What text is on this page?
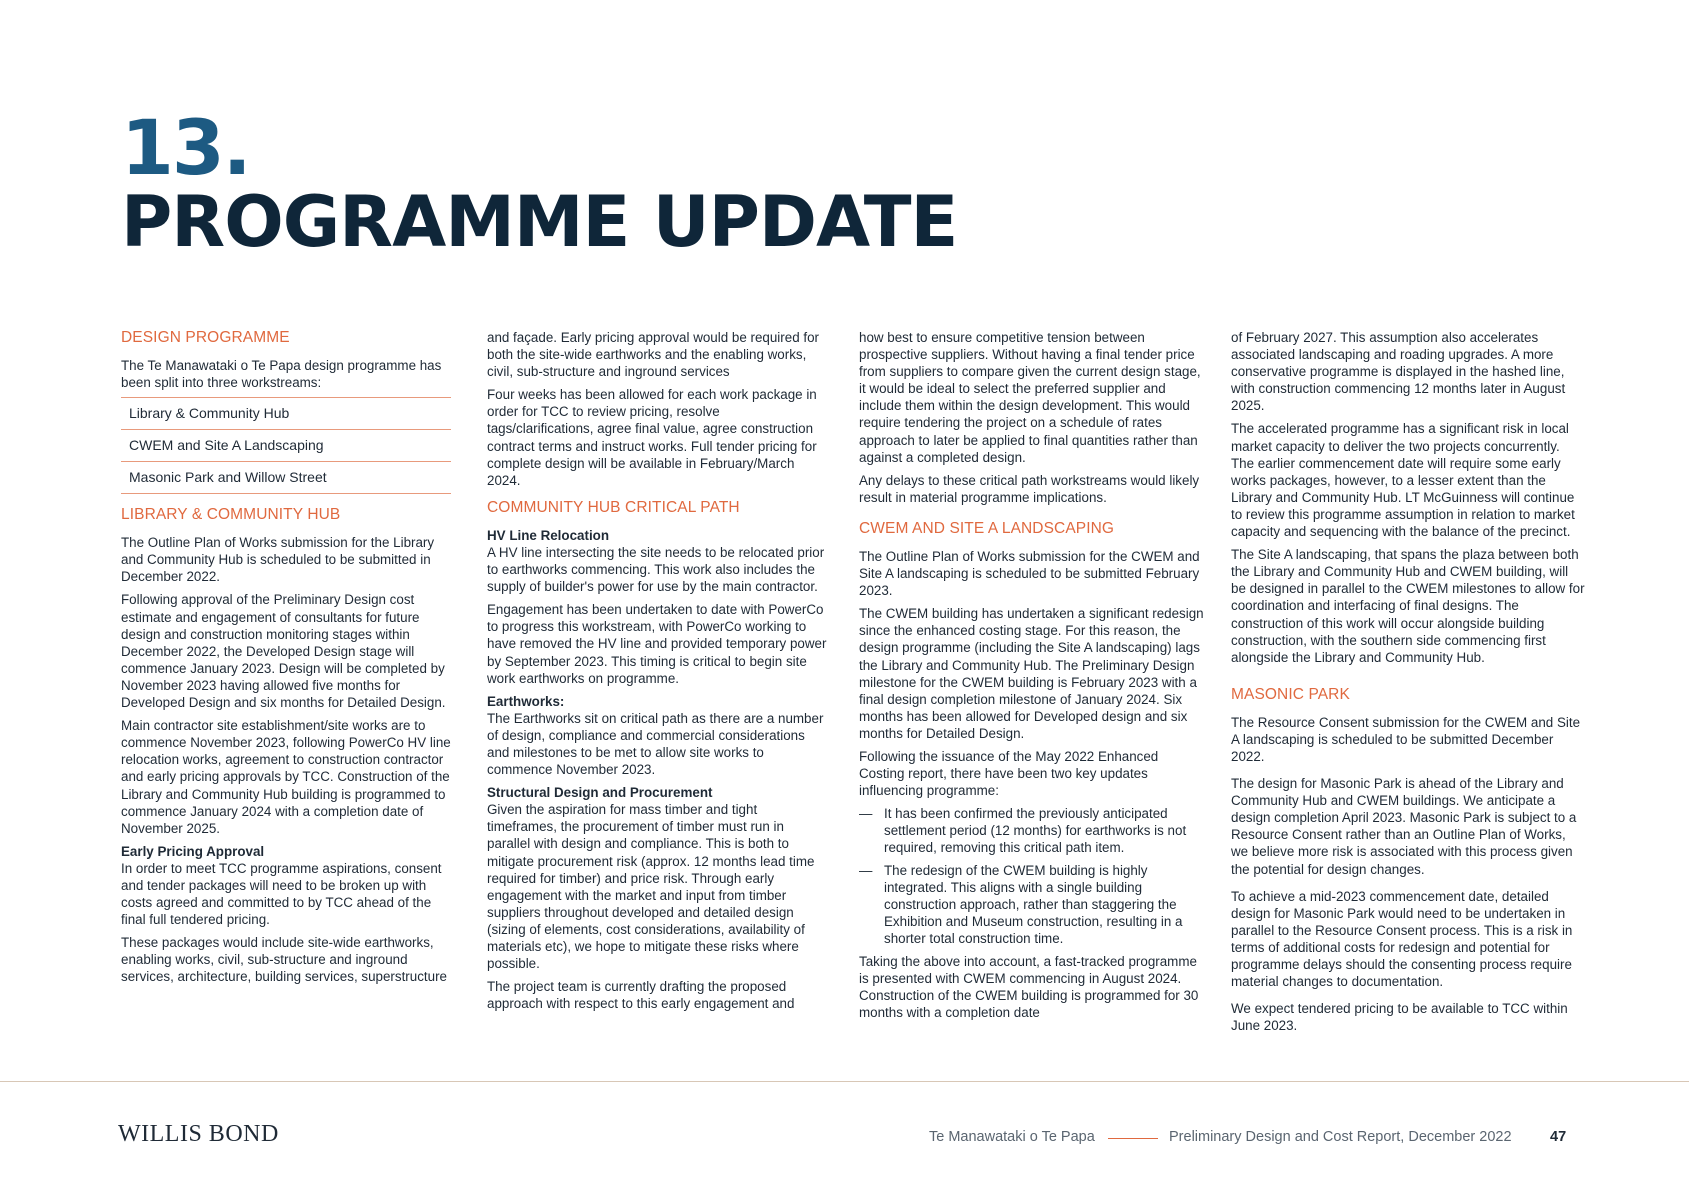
13.
PROGRAMME UPDATE
DESIGN PROGRAMME

The Te Manawataki o Te Papa design programme has been split into three workstreams:

Library & Community Hub
CWEM and Site A Landscaping
Masonic Park and Willow Street
LIBRARY & COMMUNITY HUB

The Outline Plan of Works submission for the Library and Community Hub is scheduled to be submitted in December 2022.

Following approval of the Preliminary Design cost estimate and engagement of consultants for future design and construction monitoring stages within December 2022, the Developed Design stage will commence January 2023. Design will be completed by November 2023 having allowed five months for Developed Design and six months for Detailed Design.

Main contractor site establishment/site works are to commence November 2023, following PowerCo HV line relocation works, agreement to construction contractor and early pricing approvals by TCC. Construction of the Library and Community Hub building is programmed to commence January 2024 with a completion date of November 2025.

Early Pricing Approval

In order to meet TCC programme aspirations, consent and tender packages will need to be broken up with costs agreed and committed to by TCC ahead of the final full tendered pricing.

These packages would include site-wide earthworks, enabling works, civil, sub-structure and inground services, architecture, building services, superstructure

and façade. Early pricing approval would be required for both the site-wide earthworks and the enabling works, civil, sub-structure and inground services

Four weeks has been allowed for each work package in order for TCC to review pricing, resolve tags/clarifications, agree final value, agree construction contract terms and instruct works. Full tender pricing for complete design will be available in February/March 2024.

COMMUNITY HUB CRITICAL PATH
HV Line Relocation

A HV line intersecting the site needs to be relocated prior to earthworks commencing. This work also includes the supply of builder's power for use by the main contractor.

Engagement has been undertaken to date with PowerCo to progress this workstream, with PowerCo working to have removed the HV line and provided temporary power by September 2023. This timing is critical to begin site work earthworks on programme.

Earthworks:

The Earthworks sit on critical path as there are a number of design, compliance and commercial considerations and milestones to be met to allow site works to commence November 2023.

Structural Design and Procurement

Given the aspiration for mass timber and tight timeframes, the procurement of timber must run in parallel with design and compliance. This is both to mitigate procurement risk (approx. 12 months lead time required for timber) and price risk. Through early engagement with the market and input from timber suppliers throughout developed and detailed design (sizing of elements, cost considerations, availability of materials etc), we hope to mitigate these risks where possible.

The project team is currently drafting the proposed approach with respect to this early engagement and

how best to ensure competitive tension between prospective suppliers. Without having a final tender price from suppliers to compare given the current design stage, it would be ideal to select the preferred supplier and include them within the design development. This would require tendering the project on a schedule of rates approach to later be applied to final quantities rather than against a completed design.

Any delays to these critical path workstreams would likely result in material programme implications.

CWEM AND SITE A LANDSCAPING

The Outline Plan of Works submission for the CWEM and Site A landscaping is scheduled to be submitted February 2023.

The CWEM building has undertaken a significant redesign since the enhanced costing stage. For this reason, the design programme (including the Site A landscaping) lags the Library and Community Hub. The Preliminary Design milestone for the CWEM building is February 2023 with a final design completion milestone of January 2024. Six months has been allowed for Developed design and six months for Detailed Design.

Following the issuance of the May 2022 Enhanced Costing report, there have been two key updates influencing programme:

— It has been confirmed the previously anticipated settlement period (12 months) for earthworks is not required, removing this critical path item.
— The redesign of the CWEM building is highly integrated. This aligns with a single building construction approach, rather than staggering the Exhibition and Museum construction, resulting in a shorter total construction time.

Taking the above into account, a fast-tracked programme is presented with CWEM commencing in August 2024. Construction of the CWEM building is programmed for 30 months with a completion date

of February 2027. This assumption also accelerates associated landscaping and roading upgrades. A more conservative programme is displayed in the hashed line, with construction commencing 12 months later in August 2025.

The accelerated programme has a significant risk in local market capacity to deliver the two projects concurrently. The earlier commencement date will require some early works packages, however, to a lesser extent than the Library and Community Hub. LT McGuinness will continue to review this programme assumption in relation to market capacity and sequencing with the balance of the precinct.

The Site A landscaping, that spans the plaza between both the Library and Community Hub and CWEM building, will be designed in parallel to the CWEM milestones to allow for coordination and interfacing of final designs. The construction of this work will occur alongside building construction, with the southern side commencing first alongside the Library and Community Hub.

MASONIC PARK

The Resource Consent submission for the CWEM and Site A landscaping is scheduled to be submitted December 2022.

The design for Masonic Park is ahead of the Library and Community Hub and CWEM buildings. We anticipate a design completion April 2023. Masonic Park is subject to a Resource Consent rather than an Outline Plan of Works, we believe more risk is associated with this process given the potential for design changes.

To achieve a mid-2023 commencement date, detailed design for Masonic Park would need to be undertaken in parallel to the Resource Consent process. This is a risk in terms of additional costs for redesign and potential for programme delays should the consenting process require material changes to documentation.

We expect tendered pricing to be available to TCC within June 2023.

WILLIS BOND	Te Manawataki o Te Papa	Preliminary Design and Cost Report, December 2022	47
